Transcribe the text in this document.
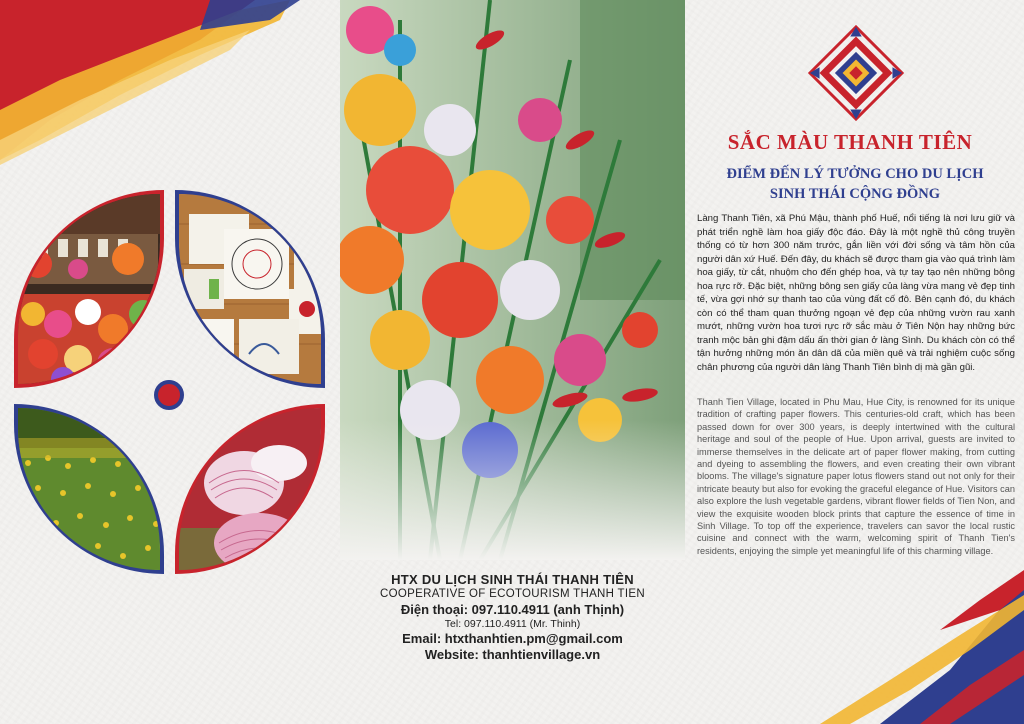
HTX DU LỊCH SINH THÁI THANH TIÊN
COOPERATIVE OF ECOTOURISM THANH TIEN
Điện thoại: 097.110.4911 (anh Thịnh)
Tel: 097.110.4911 (Mr. Thinh)
Email: htxthanhtien.pm@gmail.com
Website: thanhtienvillage.vn
SẮC MÀU THANH TIÊN
ĐIỂM ĐẾN LÝ TƯỞNG CHO DU LỊCH
SINH THÁI CỘNG ĐỒNG
Làng Thanh Tiên, xã Phú Mậu, thành phố Huế, nổi tiếng là nơi lưu giữ và phát triển nghề làm hoa giấy độc đáo. Đây là một nghề thủ công truyền thống có từ hơn 300 năm trước, gắn liền với đời sống và tâm hồn của người dân xứ Huế. Đến đây, du khách sẽ được tham gia vào quá trình làm hoa giấy, từ cắt, nhuộm cho đến ghép hoa, và tự tay tạo nên những bông hoa rực rỡ. Đặc biệt, những bông sen giấy của làng vừa mang vẻ đẹp tinh tế, vừa gợi nhớ sự thanh tao của vùng đất cố đô. Bên cạnh đó, du khách còn có thể tham quan thưởng ngoạn vẻ đẹp của những vườn rau xanh mướt, những vườn hoa tươi rực rỡ sắc màu ở Tiên Nộn hay những bức tranh mộc bản ghi đậm dấu ấn thời gian ở làng Sình. Du khách còn có thể tận hưởng những món ăn dân dã của miền quê và trải nghiệm cuộc sống chân phương của người dân làng Thanh Tiên bình dị mà gần gũi.
Thanh Tien Village, located in Phu Mau, Hue City, is renowned for its unique tradition of crafting paper flowers. This centuries-old craft, which has been passed down for over 300 years, is deeply intertwined with the cultural heritage and soul of the people of Hue. Upon arrival, guests are invited to immerse themselves in the delicate art of paper flower making, from cutting and dyeing to assembling the flowers, and even creating their own vibrant blooms. The village's signature paper lotus flowers stand out not only for their intricate beauty but also for evoking the graceful elegance of Hue. Visitors can also explore the lush vegetable gardens, vibrant flower fields of Tien Non, and view the exquisite wooden block prints that capture the essence of time in Sinh Village. To top off the experience, travelers can savor the local rustic cuisine and connect with the warm, welcoming spirit of Thanh Tien's residents, enjoying the simple yet meaningful life of this charming village.
